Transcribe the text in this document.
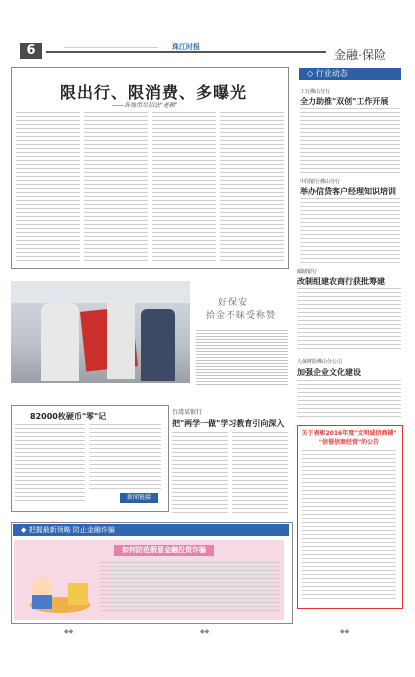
6	珠江时报
金融·保险
限出行、限消费、多曝光
——各地用尽招法"老赖"
好保安
拾金不昧受称赞
82000枚硬币"零"记
新闻链接
台湾某银行
把"两学一做"学习教育引向深入
◆ 把握最新领略 防止金融诈骗
如何防范假冒金融投资诈骗
◇ 行业动态
工行佛山分行
全力助推"双创"工作开展
中国银行佛山分行
举办信贷客户经理知识培训
邮储银行
改制组建农商行获批筹建
人保财险佛山分公司
加强企业文化建设
关于表彰2016年度"文明诚信商铺"
"信誉信商经营"的公告
◆◆	◆◆	◆◆
